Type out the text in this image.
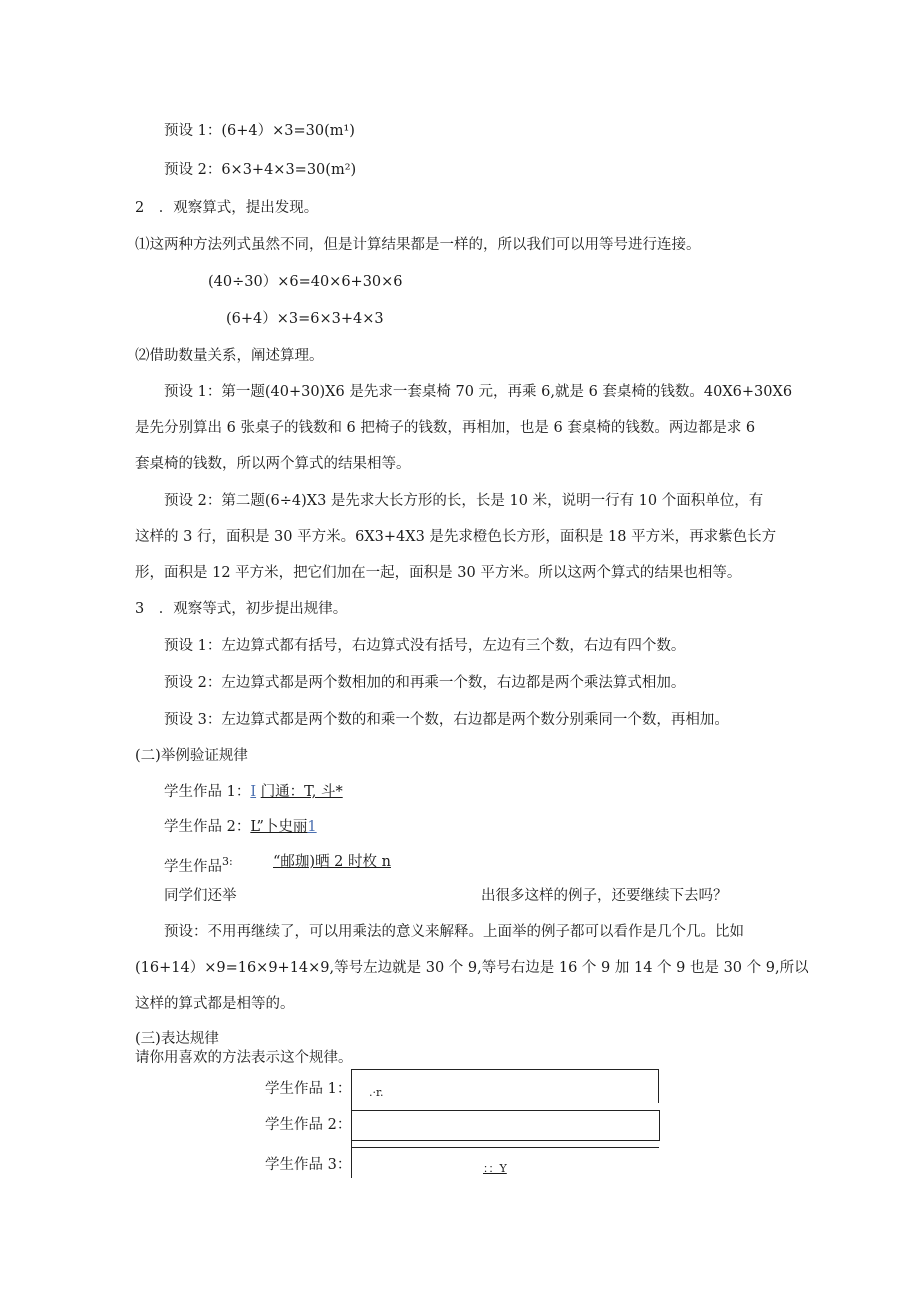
预设 1：(6+4）×3=30(m¹)
预设 2：6×3+4×3=30(m²)
2　．观察算式，提出发现。
⑴这两种方法列式虽然不同，但是计算结果都是一样的，所以我们可以用等号进行连接。
(40÷30）×6=40×6+30×6
(6+4）×3=6×3+4×3
⑵借助数量关系，阐述算理。
预设 1：第一题(40+30)X6 是先求一套桌椅 70 元，再乘 6,就是 6 套桌椅的钱数。40X6+30X6
是先分别算出 6 张桌子的钱数和 6 把椅子的钱数，再相加，也是 6 套桌椅的钱数。两边都是求 6
套桌椅的钱数，所以两个算式的结果相等。
预设 2：第二题(6÷4)X3 是先求大长方形的长，长是 10 米，说明一行有 10 个面积单位，有
这样的 3 行，面积是 30 平方米。6X3+4X3 是先求橙色长方形，面积是 18 平方米，再求紫色长方
形，面积是 12 平方米，把它们加在一起，面积是 30 平方米。所以这两个算式的结果也相等。
3　．观察等式，初步提出规律。
预设 1：左边算式都有括号，右边算式没有括号，左边有三个数，右边有四个数。
预设 2：左边算式都是两个数相加的和再乘一个数，右边都是两个乘法算式相加。
预设 3：左边算式都是两个数的和乘一个数，右边都是两个数分别乘同一个数，再相加。
(二)举例验证规律
学生作品 1：I 门通：T, 斗*
学生作品 2：L”卜史丽1
学生作品$^{3:}$	“邮珈)晒 2 时枚 n
同学们还举	出很多这样的例子，还要继续下去吗？
预设：不用再继续了，可以用乘法的意义来解释。上面举的例子都可以看作是几个几。比如
(16+14）×9=16×9+14×9,等号左边就是 30 个 9,等号右边是 16 个 9 加 14 个 9 也是 30 个 9,所以
这样的算式都是相等的。
(三)表达规律
请你用喜欢的方法表示这个规律。
学生作品 1： .·r.
学生作品 2：
学生作品 3：	：：Y
